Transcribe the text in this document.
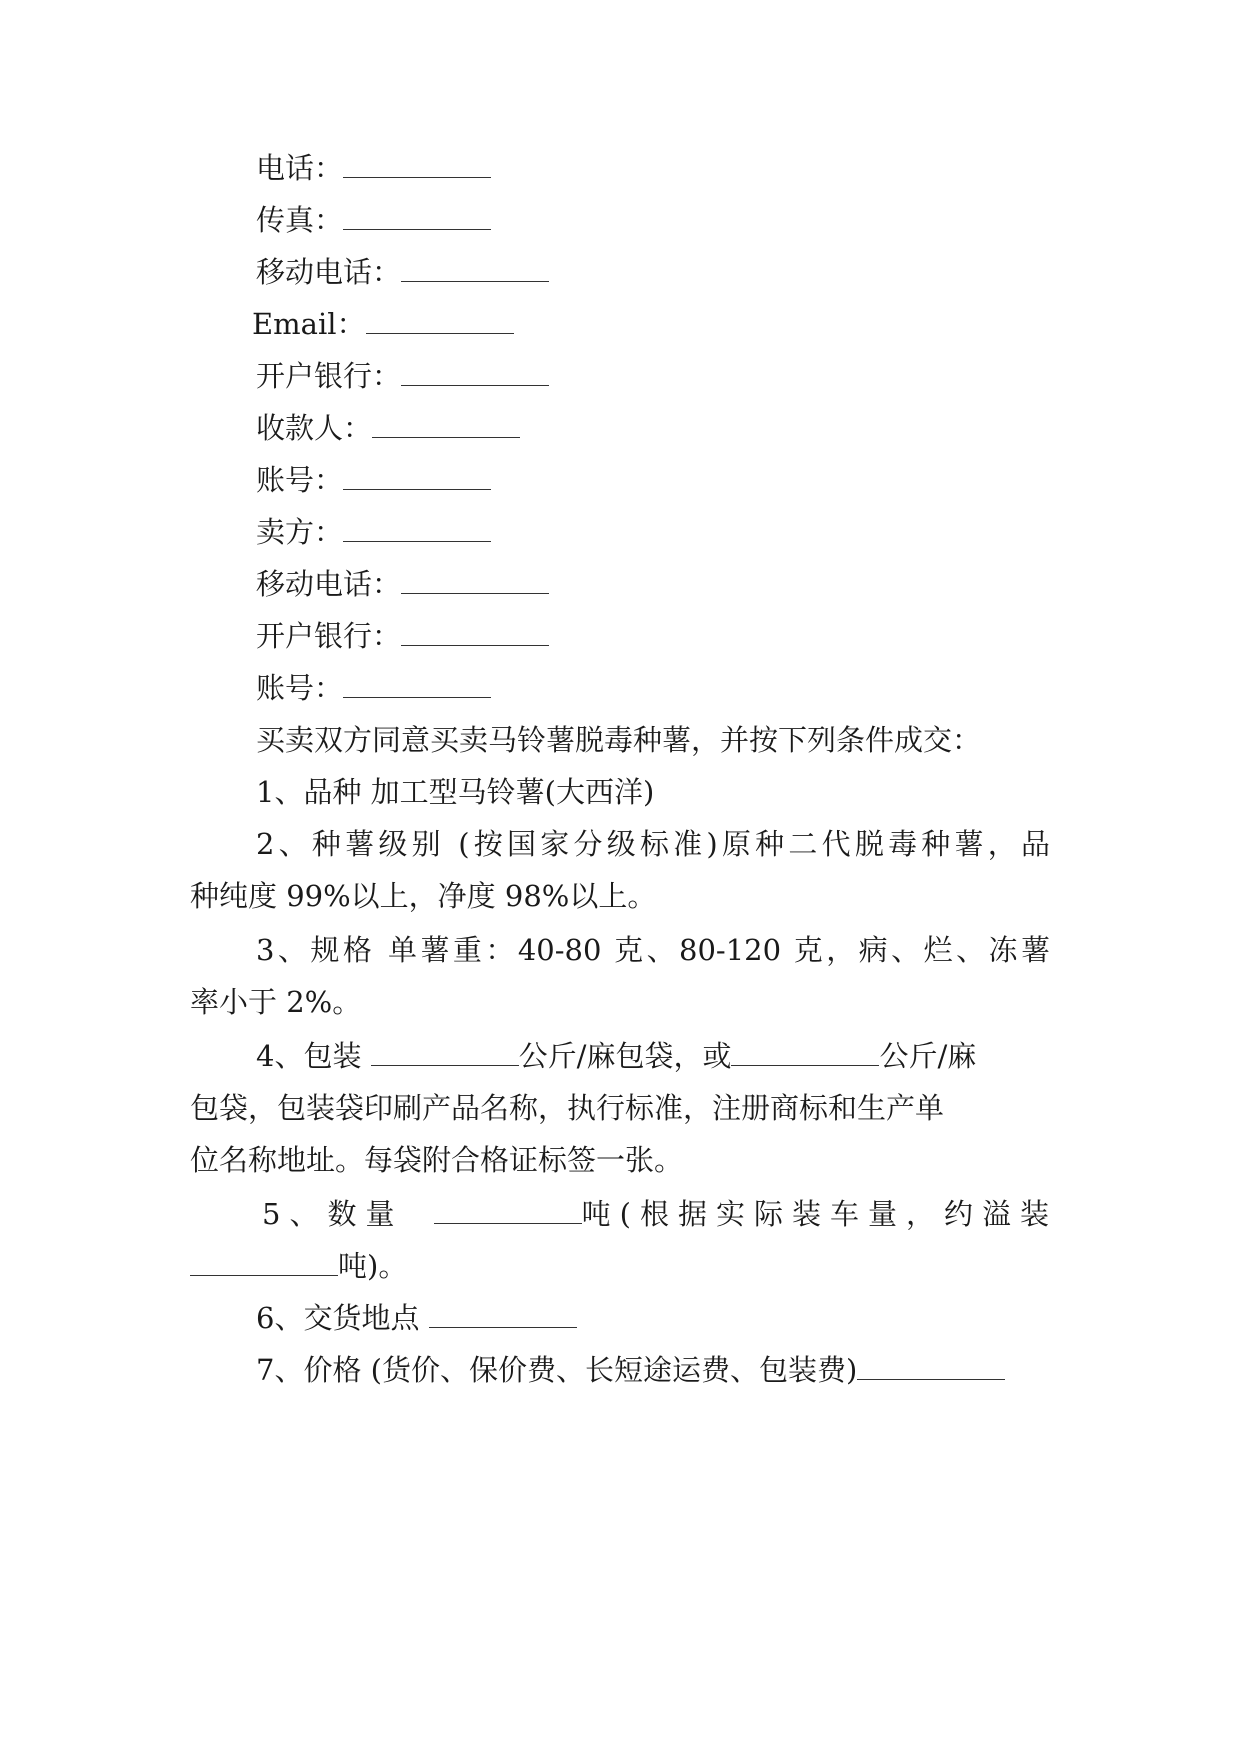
电话：
传真：
移动电话：
Email：
开户银行：
收款人：
账号：
卖方：
移动电话：
开户银行：
账号：
买卖双方同意买卖马铃薯脱毒种薯，并按下列条件成交：
1、品种 加工型马铃薯(大西洋)
2、种薯级别 (按国家分级标准)原种二代脱毒种薯，品
种纯度 99%以上，净度 98%以上。
3、规格 单薯重：40-80 克、80-120 克，病、烂、冻薯
率小于 2%。
4、包装	公斤/麻包袋，或	公斤/麻
包袋，包装袋印刷产品名称，执行标准，注册商标和生产单
位名称地址。每袋附合格证标签一张。
5、数量	吨(根据实际装车量，约溢装
吨)。
6、交货地点
7、价格 (货价、保价费、长短途运费、包装费)
